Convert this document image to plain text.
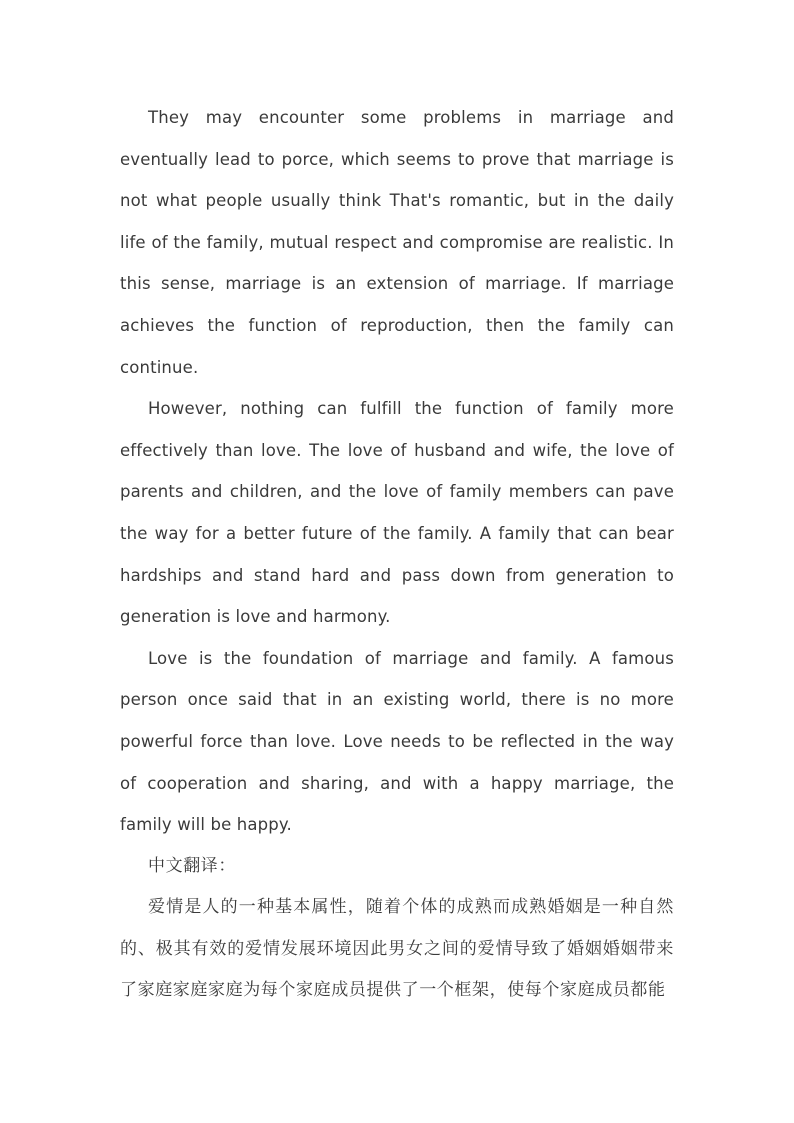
They may encounter some problems in marriage and eventually lead to porce, which seems to prove that marriage is not what people usually think That's romantic, but in the daily life of the family, mutual respect and compromise are realistic. In this sense, marriage is an extension of marriage. If marriage achieves the function of reproduction, then the family can continue.

However, nothing can fulfill the function of family more effectively than love. The love of husband and wife, the love of parents and children, and the love of family members can pave the way for a better future of the family. A family that can bear hardships and stand hard and pass down from generation to generation is love and harmony.

Love is the foundation of marriage and family. A famous person once said that in an existing world, there is no more powerful force than love. Love needs to be reflected in the way of cooperation and sharing, and with a happy marriage, the family will be happy.

中文翻译：

爱情是人的一种基本属性，随着个体的成熟而成熟婚姻是一种自然的、极其有效的爱情发展环境因此男女之间的爱情导致了婚姻婚姻带来了家庭家庭家庭为每个家庭成员提供了一个框架，使每个家庭成员都能
